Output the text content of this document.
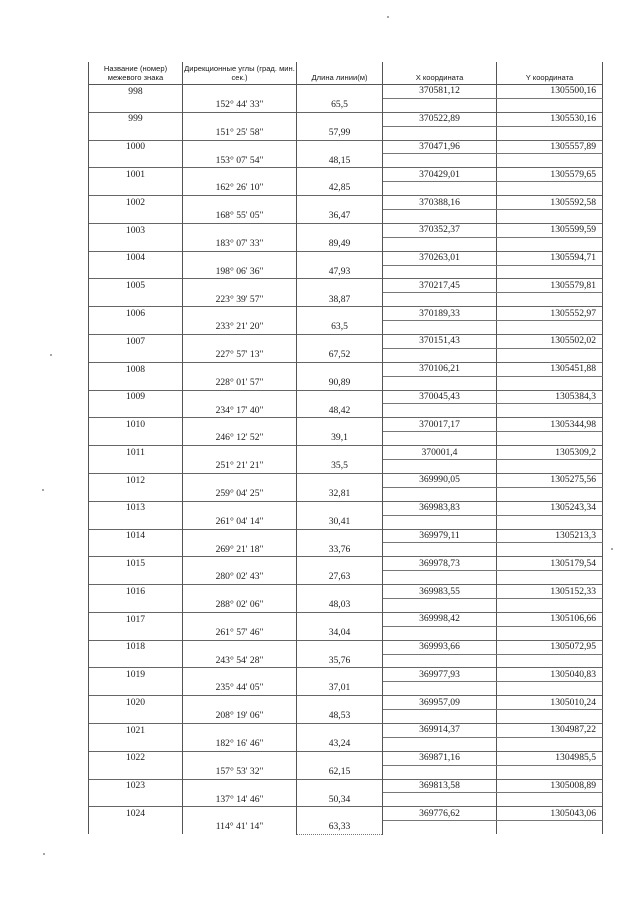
Название (номер) межевого знака	Дирекционные углы (град. мин. сек.)	Длина линии(м)	X координата	Y координата
998			370581,12	1305500,16
	152° 44' 33"	65,5		
999			370522,89	1305530,16
	151° 25' 58"	57,99		
1000			370471,96	1305557,89
	153° 07' 54"	48,15		
1001			370429,01	1305579,65
	162° 26' 10"	42,85		
1002			370388,16	1305592,58
	168° 55' 05"	36,47		
1003			370352,37	1305599,59
	183° 07' 33"	89,49		
1004			370263,01	1305594,71
	198° 06' 36"	47,93		
1005			370217,45	1305579,81
	223° 39' 57"	38,87		
1006			370189,33	1305552,97
	233° 21' 20"	63,5		
1007			370151,43	1305502,02
	227° 57' 13"	67,52		
1008			370106,21	1305451,88
	228° 01' 57"	90,89		
1009			370045,43	1305384,3
	234° 17' 40"	48,42		
1010			370017,17	1305344,98
	246° 12' 52"	39,1		
1011			370001,4	1305309,2
	251° 21' 21"	35,5		
1012			369990,05	1305275,56
	259° 04' 25"	32,81		
1013			369983,83	1305243,34
	261° 04' 14"	30,41		
1014			369979,11	1305213,3
	269° 21' 18"	33,76		
1015			369978,73	1305179,54
	280° 02' 43"	27,63		
1016			369983,55	1305152,33
	288° 02' 06"	48,03		
1017			369998,42	1305106,66
	261° 57' 46"	34,04		
1018			369993,66	1305072,95
	243° 54' 28"	35,76		
1019			369977,93	1305040,83
	235° 44' 05"	37,01		
1020			369957,09	1305010,24
	208° 19' 06"	48,53		
1021			369914,37	1304987,22
	182° 16' 46"	43,24		
1022			369871,16	1304985,5
	157° 53' 32"	62,15		
1023			369813,58	1305008,89
	137° 14' 46"	50,34		
1024			369776,62	1305043,06
	114° 41' 14"	63,33		
